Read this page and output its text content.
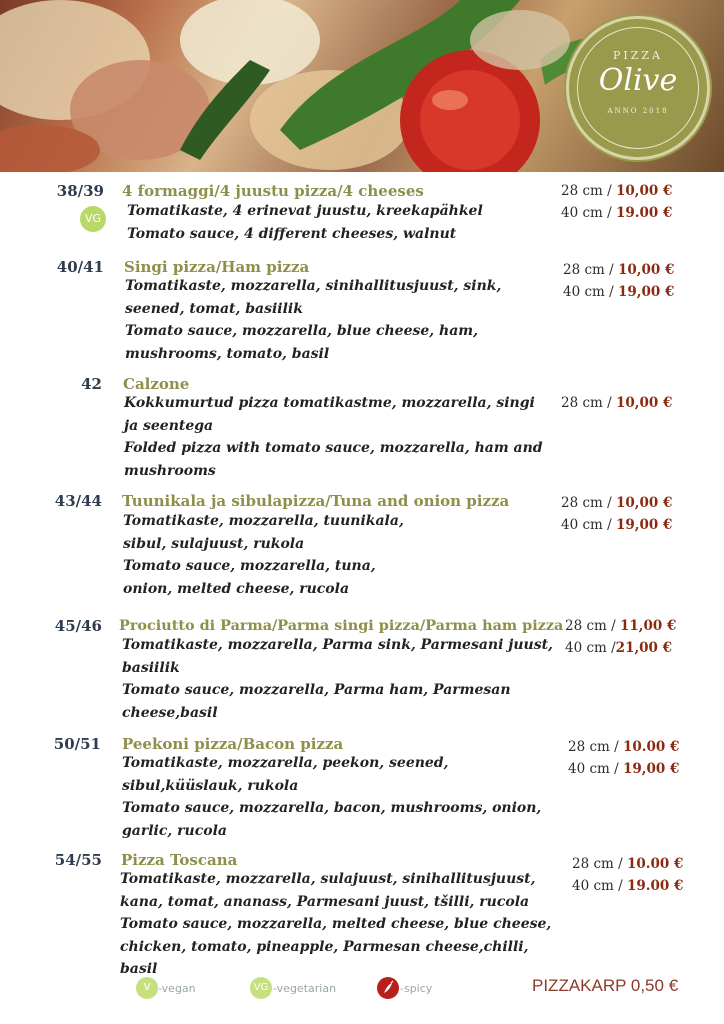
PIZZA
Olive
ANNO 2018
38/39
VG
4 formaggi/4 juustu pizza/4 cheeses

Tomatikaste, 4 erinevat juustu, kreekapähkel

Tomato sauce, 4 different cheeses, walnut

28 cm / 10,00 €
40 cm / 19.00 €
40/41 Singi pizza/Ham pizza

Tomatikaste, mozzarella, sinihallitusjuust, sink, seened, tomat, basiilik

Tomato sauce, mozzarella, blue cheese, ham, mushrooms, tomato, basil

28 cm / 10,00 €
40 cm / 19,00 €
42 Calzone

Kokkumurtud pizza tomatikastme, mozzarella, singi ja seentega

Folded pizza with tomato sauce, mozzarella, ham and mushrooms

28 cm / 10,00 €
43/44 Tuunikala ja sibulapizza/Tuna and onion pizza

Tomatikaste, mozzarella, tuunikala, sibul, sulajuust, rukola

Tomato sauce, mozzarella, tuna, onion, melted cheese, rucola

28 cm / 10,00 €
40 cm / 19,00 €
45/46 Prociutto di Parma/Parma singi pizza/Parma ham pizza

Tomatikaste, mozzarella, Parma sink, Parmesani juust, basiilik

Tomato sauce, mozzarella, Parma ham, Parmesan cheese,basil

28 cm / 11,00 €
40 cm /21,00 €
50/51 Peekoni pizza/Bacon pizza

Tomatikaste, mozzarella, peekon, seened, sibul,küüslauk, rukola

Tomato sauce, mozzarella, bacon, mushrooms, onion, garlic, rucola

28 cm / 10.00 €
40 cm / 19,00 €
54/55 Pizza Toscana

Tomatikaste, mozzarella, sulajuust, sinihallitusjuust, kana, tomat, ananass, Parmesani juust, tšilli, rucola

Tomato sauce, mozzarella, melted cheese, blue cheese, chicken, tomato, pineapple, Parmesan cheese,chilli, basil

28 cm / 10.00 €
40 cm / 19.00 €
V -vegan	VG -vegetarian	-spicy	PIZZAKARP 0,50 €
